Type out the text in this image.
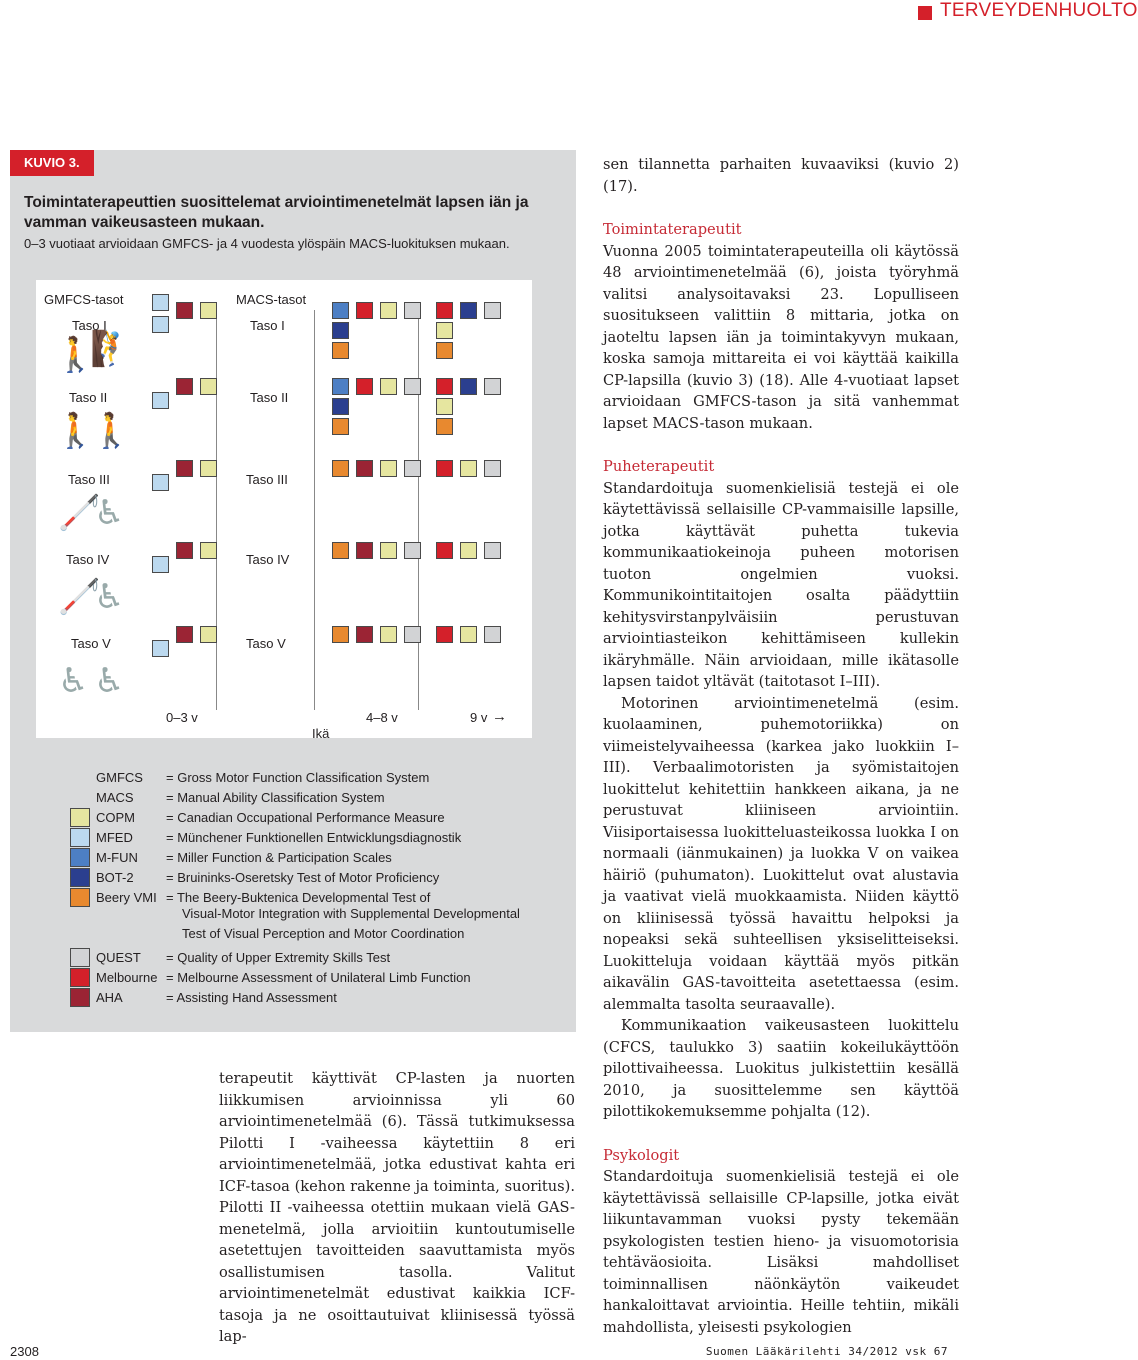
TERVEYDENHUOLTO
KUVIO 3.
Toimintaterapeuttien suosittelemat arviointimenetelmät lapsen iän ja vamman vaikeusasteen mukaan.
0–3 vuotiaat arvioidaan GMFCS- ja 4 vuodesta ylöspäin MACS-luokituksen mukaan.
GMFCS-tasot	MACS-tasot
Taso I
Taso II
Taso III
Taso IV
Taso V
Taso I
Taso II
Taso III
Taso IV
Taso V
🚶
🧗
🚶
🚶
🦯
♿
🦯
♿
♿ ♿
0–3 v	4–8 v	9 v →
Ikä
GMFCS = Gross Motor Function Classification System
MACS = Manual Ability Classification System
COPM = Canadian Occupational Performance Measure
MFED	= Münchener Funktionellen Entwicklungsdiagnostik
M-FUN = Miller Function & Participation Scales
BOT-2 = Bruininks-Oseretsky Test of Motor Proficiency
Beery VMI = The Beery-Buktenica Developmental Test of
QUEST = Quality of Upper Extremity Skills Test
Melbourne = Melbourne Assessment of Unilateral Limb Function
AHA	= Assisting Hand Assessment
Visual-Motor Integration with Supplemental Developmental
Test of Visual Perception and Motor Coordination

terapeutit käyttivät CP-lasten ja nuorten liikkumisen arvioinnissa yli 60 arviointimenetelmää (6). Tässä tutkimuksessa Pilotti I -vaiheessa käytettiin 8 eri arviointimenetelmää, jotka edustivat kahta eri ICF-tasoa (kehon rakenne ja toiminta, suoritus). Pilotti II -vaiheessa otettiin mukaan vielä GAS-menetelmä, jolla arvioitiin kuntoutumiselle asetettujen tavoitteiden saavuttamista myös osallistumisen tasolla. Valitut arviointimenetelmät edustivat kaikkia ICF-tasoja ja ne osoittautuivat kliinisessä työssä lap-

sen tilannetta parhaiten kuvaaviksi (kuvio 2) (17).

Toimintaterapeutit

Vuonna 2005 toimintaterapeuteilla oli käytössä 48 arviointimenetelmää (6), joista työryhmä valitsi analysoitavaksi 23. Lopulliseen suositukseen valittiin 8 mittaria, jotka on jaoteltu lapsen iän ja toimintakyvyn mukaan, koska samoja mittareita ei voi käyttää kaikilla CP-lapsilla (kuvio 3) (18). Alle 4-vuotiaat lapset arvioidaan GMFCS-tason ja sitä vanhemmat lapset MACS-tason mukaan.

Puheterapeutit

Standardoituja suomenkielisiä testejä ei ole käytettävissä sellaisille CP-vammaisille lapsille, jotka käyttävät puhetta tukevia kommunikaatiokeinoja puheen motorisen tuoton ongelmien vuoksi. Kommunikointitaitojen osalta päädyttiin kehitysvirstanpylväisiin perustuvan arviointiasteikon kehittämiseen kullekin ikäryhmälle. Näin arvioidaan, mille ikätasolle lapsen taidot yltävät (taitotasot I–III).

Motorinen arviointimenetelmä (esim. kuolaaminen, puhemotoriikka) on viimeistelyvaiheessa (karkea jako luokkiin I–III). Verbaalimotoristen ja syömistaitojen luokittelut kehitettiin hankkeen aikana, ja ne perustuvat kliiniseen arviointiin. Viisiportaisessa luokitteluasteikossa luokka I on normaali (iänmukainen) ja luokka V on vaikea häiriö (puhumaton). Luokittelut ovat alustavia ja vaativat vielä muokkaamista. Niiden käyttö on kliinisessä työssä havaittu helpoksi ja nopeaksi sekä suhteellisen yksiselitteiseksi. Luokitteluja voidaan käyttää myös pitkän aikavälin GAS-tavoitteita asetettaessa (esim. alemmalta tasolta seuraavalle).

Kommunikaation vaikeusasteen luokittelu (CFCS, taulukko 3) saatiin kokeilukäyttöön pilottivaiheessa. Luokitus julkistettiin kesällä 2010, ja suosittelemme sen käyttöä pilottikokemuksemme pohjalta (12).

Psykologit

Standardoituja suomenkielisiä testejä ei ole käytettävissä sellaisille CP-lapsille, jotka eivät liikuntavamman vuoksi pysty tekemään psykologisten testien hieno- ja visuomotorisia tehtäväosioita. Lisäksi mahdolliset toiminnallisen näönkäytön vaikeudet hankaloittavat arviointia. Heille tehtiin, mikäli mahdollista, yleisesti psykologien

2308	Suomen Lääkärilehti 34/2012 vsk 67
